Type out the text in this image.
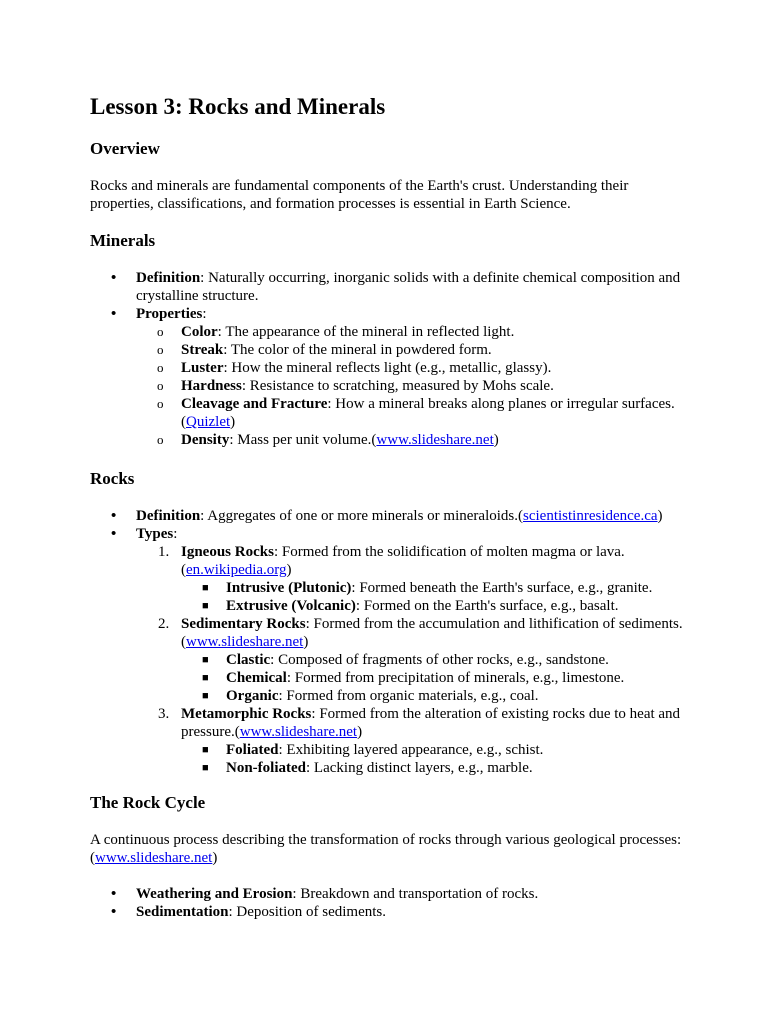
Lesson 3: Rocks and Minerals
Overview

Rocks and minerals are fundamental components of the Earth's crust. Understanding their properties, classifications, and formation processes is essential in Earth Science.

Minerals
• Definition: Naturally occurring, inorganic solids with a definite chemical composition and crystalline structure.
• Properties:
o Color: The appearance of the mineral in reflected light.
o Streak: The color of the mineral in powdered form.
o Luster: How the mineral reflects light (e.g., metallic, glassy).
o Hardness: Resistance to scratching, measured by Mohs scale.
o Cleavage and Fracture: How a mineral breaks along planes or irregular surfaces. (Quizlet)
o Density: Mass per unit volume.(www.slideshare.net)
Rocks
• Definition: Aggregates of one or more minerals or mineraloids.(scientistinresidence.ca)
• Types:
1. Igneous Rocks: Formed from the solidification of molten magma or lava. (en.wikipedia.org)
■ Intrusive (Plutonic): Formed beneath the Earth's surface, e.g., granite.
■ Extrusive (Volcanic): Formed on the Earth's surface, e.g., basalt.
2. Sedimentary Rocks: Formed from the accumulation and lithification of sediments.(www.slideshare.net)
■ Clastic: Composed of fragments of other rocks, e.g., sandstone.
■ Chemical: Formed from precipitation of minerals, e.g., limestone.
■ Organic: Formed from organic materials, e.g., coal.
3. Metamorphic Rocks: Formed from the alteration of existing rocks due to heat and pressure.(www.slideshare.net)
■ Foliated: Exhibiting layered appearance, e.g., schist.
■ Non-foliated: Lacking distinct layers, e.g., marble.
The Rock Cycle

A continuous process describing the transformation of rocks through various geological processes:(www.slideshare.net)

• Weathering and Erosion: Breakdown and transportation of rocks.
• Sedimentation: Deposition of sediments.
